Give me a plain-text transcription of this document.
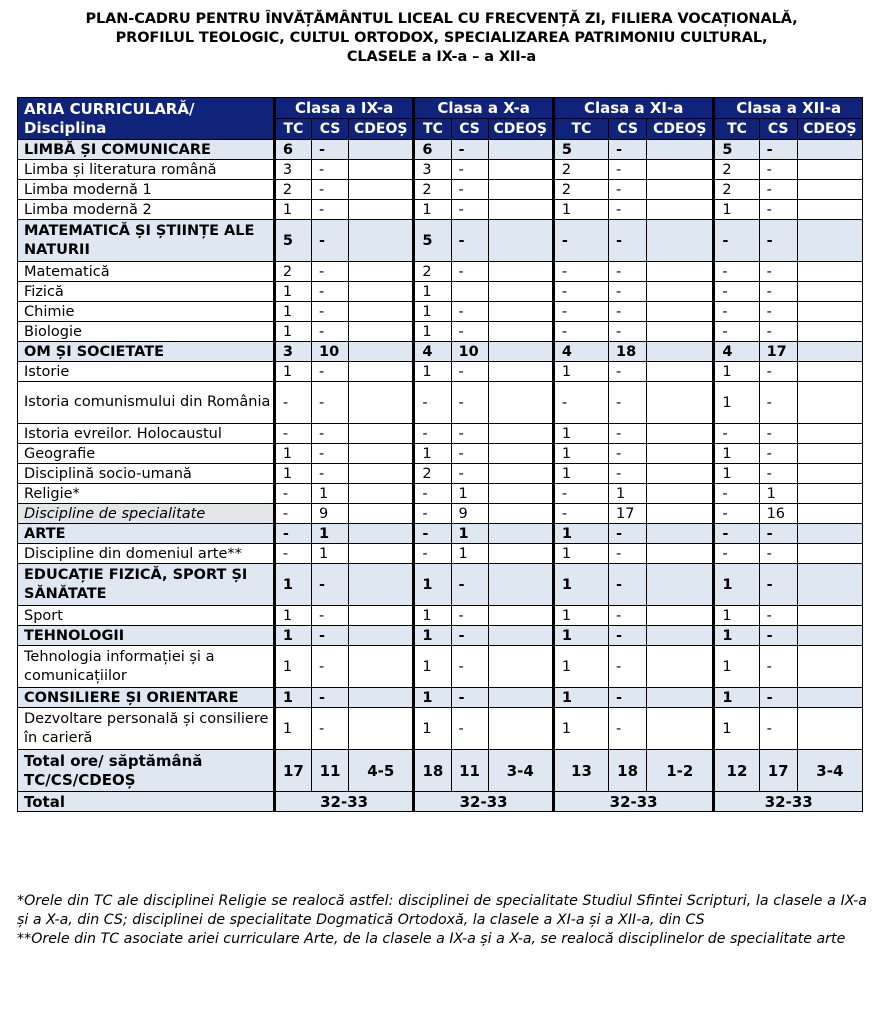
PLAN-CADRU PENTRU ÎNVĂȚĂMÂNTUL LICEAL CU FRECVENȚĂ ZI, FILIERA VOCAȚIONALĂ,
PROFILUL TEOLOGIC, CULTUL ORTODOX, SPECIALIZAREA PATRIMONIU CULTURAL,
CLASELE a IX-a – a XII-a
ARIA CURRICULARĂ/
Disciplina	Clasa a IX-a			Clasa a X-a			Clasa a XI-a			Clasa a XII-a		
	TC	CS	CDEOȘ	TC	CS	CDEOȘ	TC	CS	CDEOȘ	TC	CS	CDEOȘ
LIMBĂ ȘI COMUNICARE	6	-		6	-		5	-		5	-	
Limba și literatura română	3	-		3	-		2	-		2	-	
Limba modernă 1	2	-		2	-		2	-		2	-	
Limba modernă 2	1	-		1	-		1	-		1	-	
MATEMATICĂ ȘI ȘTIINȚE ALE NATURII	5	-		5	-		-	-		-	-	
Matematică	2	-		2	-		-	-		-	-	
Fizică	1	-		1			-	-		-	-	
Chimie	1	-		1	-		-	-		-	-	
Biologie	1	-		1	-		-	-		-	-	
OM ȘI SOCIETATE	3	10		4	10		4	18		4	17	
Istorie	1	-		1	-		1	-		1	-	
Istoria comunismului din România	-	-		-	-		-	-		1	-	
Istoria evreilor. Holocaustul	-	-		-	-		1	-		-	-	
Geografie	1	-		1	-		1	-		1	-	
Disciplină socio-umană	1	-		2	-		1	-		1	-	
Religie*	-	1		-	1		-	1		-	1	
Discipline de specialitate	-	9		-	9		-	17		-	16	
ARTE	-	1		-	1		1	-		-	-	
Discipline din domeniul arte**	-	1		-	1		1	-		-	-	
EDUCAȚIE FIZICĂ, SPORT ȘI SĂNĂTATE	1	-		1	-		1	-		1	-	
Sport	1	-		1	-		1	-		1	-	
TEHNOLOGII	1	-		1	-		1	-		1	-	
Tehnologia informației și a comunicațiilor	1	-		1	-		1	-		1	-	
CONSILIERE ȘI ORIENTARE	1	-		1	-		1	-		1	-	
Dezvoltare personală și consiliere în carieră	1	-		1	-		1	-		1	-	
Total ore/ săptămână TC/CS/CDEOȘ	17	11	4-5	18	11	3-4	13	18	1-2	12	17	3-4
Total	32-33			32-33			32-33			32-33		

*Orele din TC ale disciplinei Religie se realocă astfel: disciplinei de specialitate Studiul Sfintei Scripturi, la clasele a IX-a și a X-a, din CS; disciplinei de specialitate Dogmatică Ortodoxă, la clasele a XI-a și a XII-a, din CS

**Orele din TC asociate ariei curriculare Arte, de la clasele a IX-a și a X-a, se realocă disciplinelor de specialitate arte
